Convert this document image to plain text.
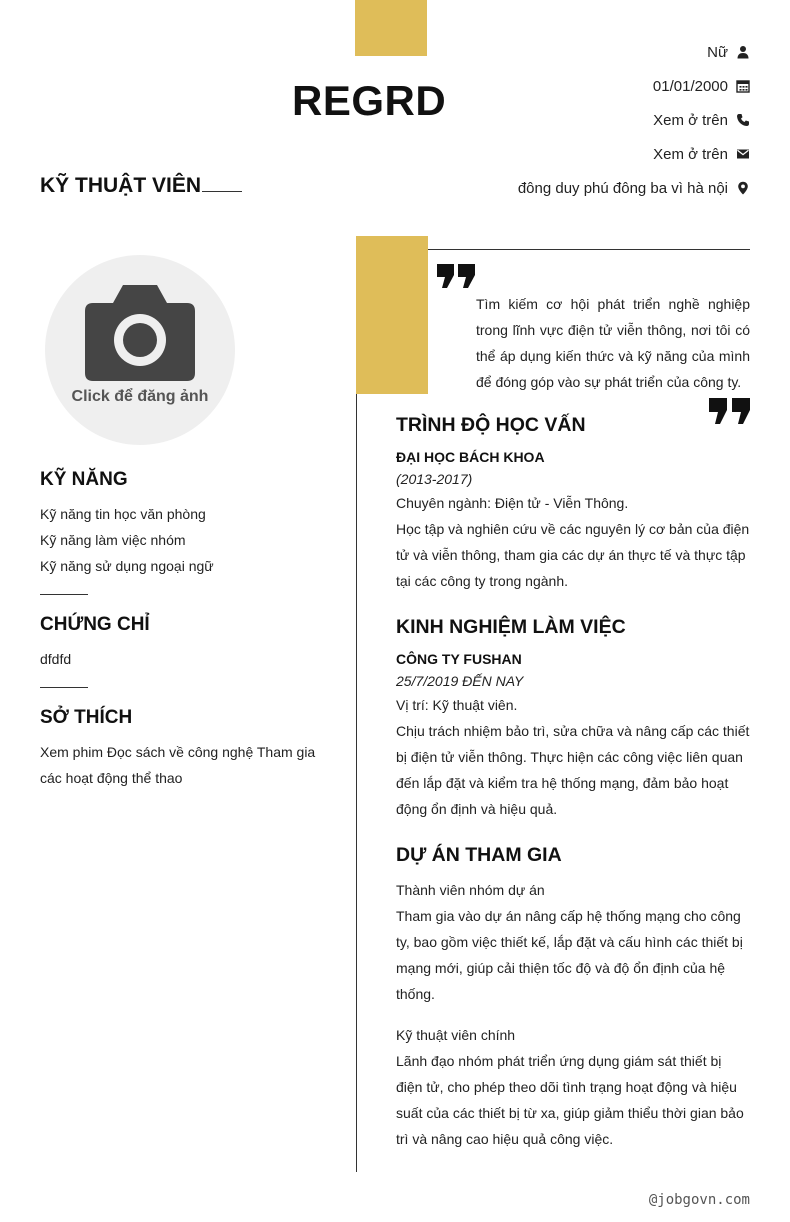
REGRD
KỸ THUẬT VIÊN
Nữ
01/01/2000
Xem ở trên
Xem ở trên
đông duy phú đông ba vì hà nội
Click để đăng ảnh
KỸ NĂNG

Kỹ năng tin học văn phòng

Kỹ năng làm việc nhóm

Kỹ năng sử dụng ngoại ngữ

CHỨNG CHỈ

dfdfd

SỞ THÍCH

Xem phim Đọc sách về công nghệ Tham gia các hoạt động thể thao

Tìm kiếm cơ hội phát triển nghề nghiệp trong lĩnh vực điện tử viễn thông, nơi tôi có thể áp dụng kiến thức và kỹ năng của mình để đóng góp vào sự phát triển của công ty.

TRÌNH ĐỘ HỌC VẤN

ĐẠI HỌC BÁCH KHOA

(2013-2017)

Chuyên ngành: Điện tử - Viễn Thông.

Học tập và nghiên cứu về các nguyên lý cơ bản của điện tử và viễn thông, tham gia các dự án thực tế và thực tập tại các công ty trong ngành.

KINH NGHIỆM LÀM VIỆC

CÔNG TY FUSHAN

25/7/2019 ĐẾN NAY

Vị trí: Kỹ thuật viên.

Chịu trách nhiệm bảo trì, sửa chữa và nâng cấp các thiết bị điện tử viễn thông. Thực hiện các công việc liên quan đến lắp đặt và kiểm tra hệ thống mạng, đảm bảo hoạt động ổn định và hiệu quả.

DỰ ÁN THAM GIA

Thành viên nhóm dự án

Tham gia vào dự án nâng cấp hệ thống mạng cho công ty, bao gồm việc thiết kế, lắp đặt và cấu hình các thiết bị mạng mới, giúp cải thiện tốc độ và độ ổn định của hệ thống.

Kỹ thuật viên chính

Lãnh đạo nhóm phát triển ứng dụng giám sát thiết bị điện tử, cho phép theo dõi tình trạng hoạt động và hiệu suất của các thiết bị từ xa, giúp giảm thiểu thời gian bảo trì và nâng cao hiệu quả công việc.

@jobgovn.com
